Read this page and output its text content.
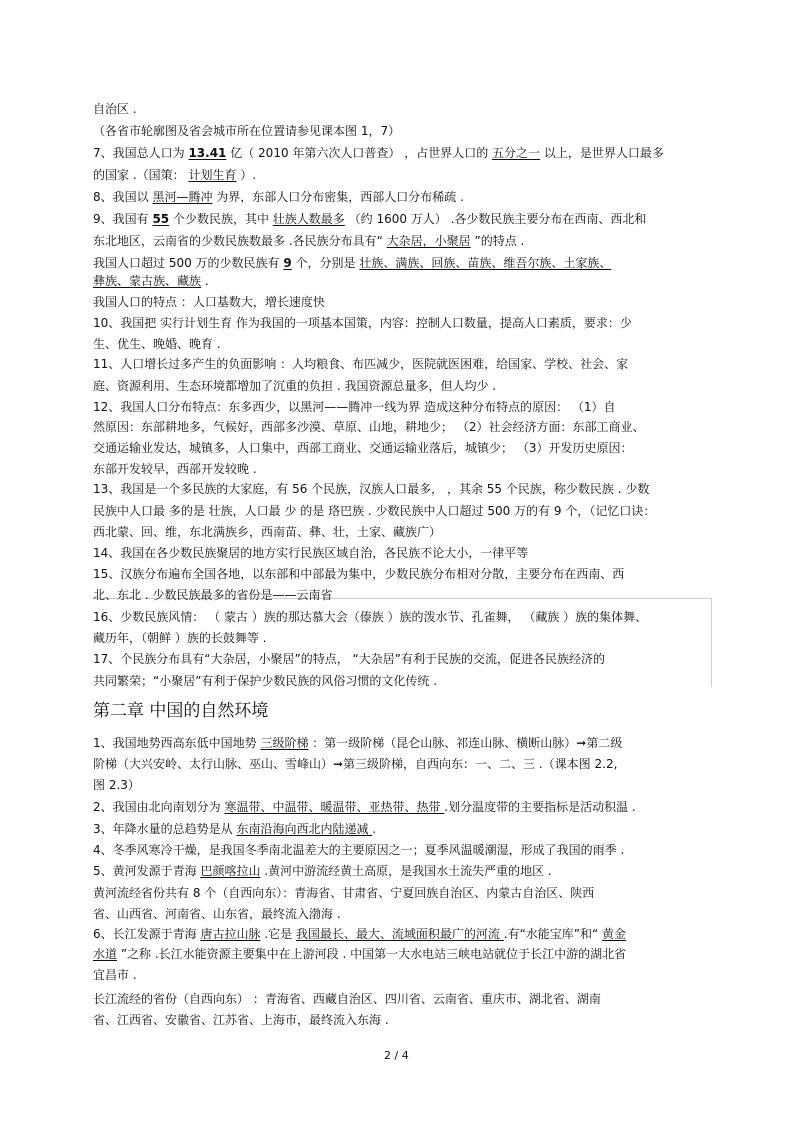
自治区 .
（各省市轮廓图及省会城市所在位置请参见课本图 1，7）
7、我国总人口为 13.41 亿（ 2010 年第六次人口普查） ，占世界人口的 五分之一 以上，是世界人口最多
的国家 .（国策： 计划生育 ）.
8、我国以 黑河—腾冲 为界，东部人口分布密集，西部人口分布稀疏 .
9、我国有 55 个少数民族，其中 壮族人数最多 （约 1600 万人） .各少数民族主要分布在西南、西北和
东北地区，云南省的少数民族数最多 .各民族分布具有“ 大杂居，小聚居 ”的特点 .
我国人口超过 500 万的少数民族有 9 个，分别是 壮族、满族、回族、苗族、维吾尔族、土家族、
彝族、蒙古族、藏族 .
我国人口的特点 ：人口基数大，增长速度快
10、我国把 实行计划生育 作为我国的一项基本国策，内容：控制人口数量，提高人口素质，要求：少
生、优生、晚婚、晚育 .
11、人口增长过多产生的负面影响 ：人均粮食、布匹减少，医院就医困难，给国家、学校、社会、家
庭、资源利用、生态环境都增加了沉重的负担 . 我国资源总量多，但人均少 .
12、我国人口分布特点：东多西少，以黑河——腾冲一线为界 造成这种分布特点的原因： （1）自
然原因：东部耕地多，气候好，西部多沙漠、草原、山地，耕地少； （2）社会经济方面：东部工商业、
交通运输业发达，城镇多，人口集中，西部工商业、交通运输业落后，城镇少； （3）开发历史原因：
东部开发较早，西部开发较晚 .
13、我国是一个多民族的大家庭，有 56 个民族，汉族人口最多， ，其余 55 个民族，称少数民族 . 少数
民族中人口最 多的是 壮族，人口最 少 的是 珞巴族 . 少数民族中人口超过 500 万的有 9 个，（记忆口诀：
西北蒙、回、维，东北满族乡，西南苗、彝、壮，土家、藏族广）
14、我国在各少数民族聚居的地方实行民族区域自治，各民族不论大小，一律平等
15、汉族分布遍布全国各地，以东部和中部最为集中，少数民族分布相对分散，主要分布在西南、西
北、东北 . 少数民族最多的省份是——云南省
16、少数民族风情： （ 蒙古 ）族的那达慕大会（傣族 ）族的泼水节、孔雀舞， （藏族 ）族的集体舞、
藏历年，（朝鲜 ）族的长鼓舞等 .
17、个民族分布具有“大杂居，小聚居”的特点， “大杂居”有利于民族的交流，促进各民族经济的
共同繁荣；“小聚居”有利于保护少数民族的风俗习惯的文化传统 .
1、我国地势西高东低中国地势 三级阶梯 ：第一级阶梯（昆仑山脉、祁连山脉、横断山脉）➞第二级
阶梯（大兴安岭、太行山脉、巫山、雪峰山）➞第三级阶梯，自西向东：一、二、三 .（课本图 2.2,
图 2.3）
2、我国由北向南划分为 寒温带、中温带、暖温带、亚热带、热带 .划分温度带的主要指标是活动积温 .
3、年降水量的总趋势是从 东南沿海向西北内陆递减 .
4、冬季风寒冷干燥，是我国冬季南北温差大的主要原因之一；夏季风温暖潮湿，形成了我国的雨季 .
5、黄河发源于青海 巴颜喀拉山 .黄河中游流经黄土高原，是我国水土流失严重的地区 .
黄河流经省份共有 8 个（自西向东）：青海省、甘肃省、宁夏回族自治区、内蒙古自治区、陕西
省、山西省、河南省、山东省，最终流入渤海 .
6、长江发源于青海 唐古拉山脉 .它是 我国最长、最大、流域面积最广的河流 .有“水能宝库”和“ 黄金
水道 ”之称 .长江水能资源主要集中在上游河段 . 中国第一大水电站三峡电站就位于长江中游的湖北省
宜昌市 .
长江流经的省份（自西向东） ：青海省、西藏自治区、四川省、云南省、重庆市、湖北省、湖南
省、江西省、安徽省、江苏省、上海市，最终流入东海 .
第二章 中国的自然环境
2 / 4
